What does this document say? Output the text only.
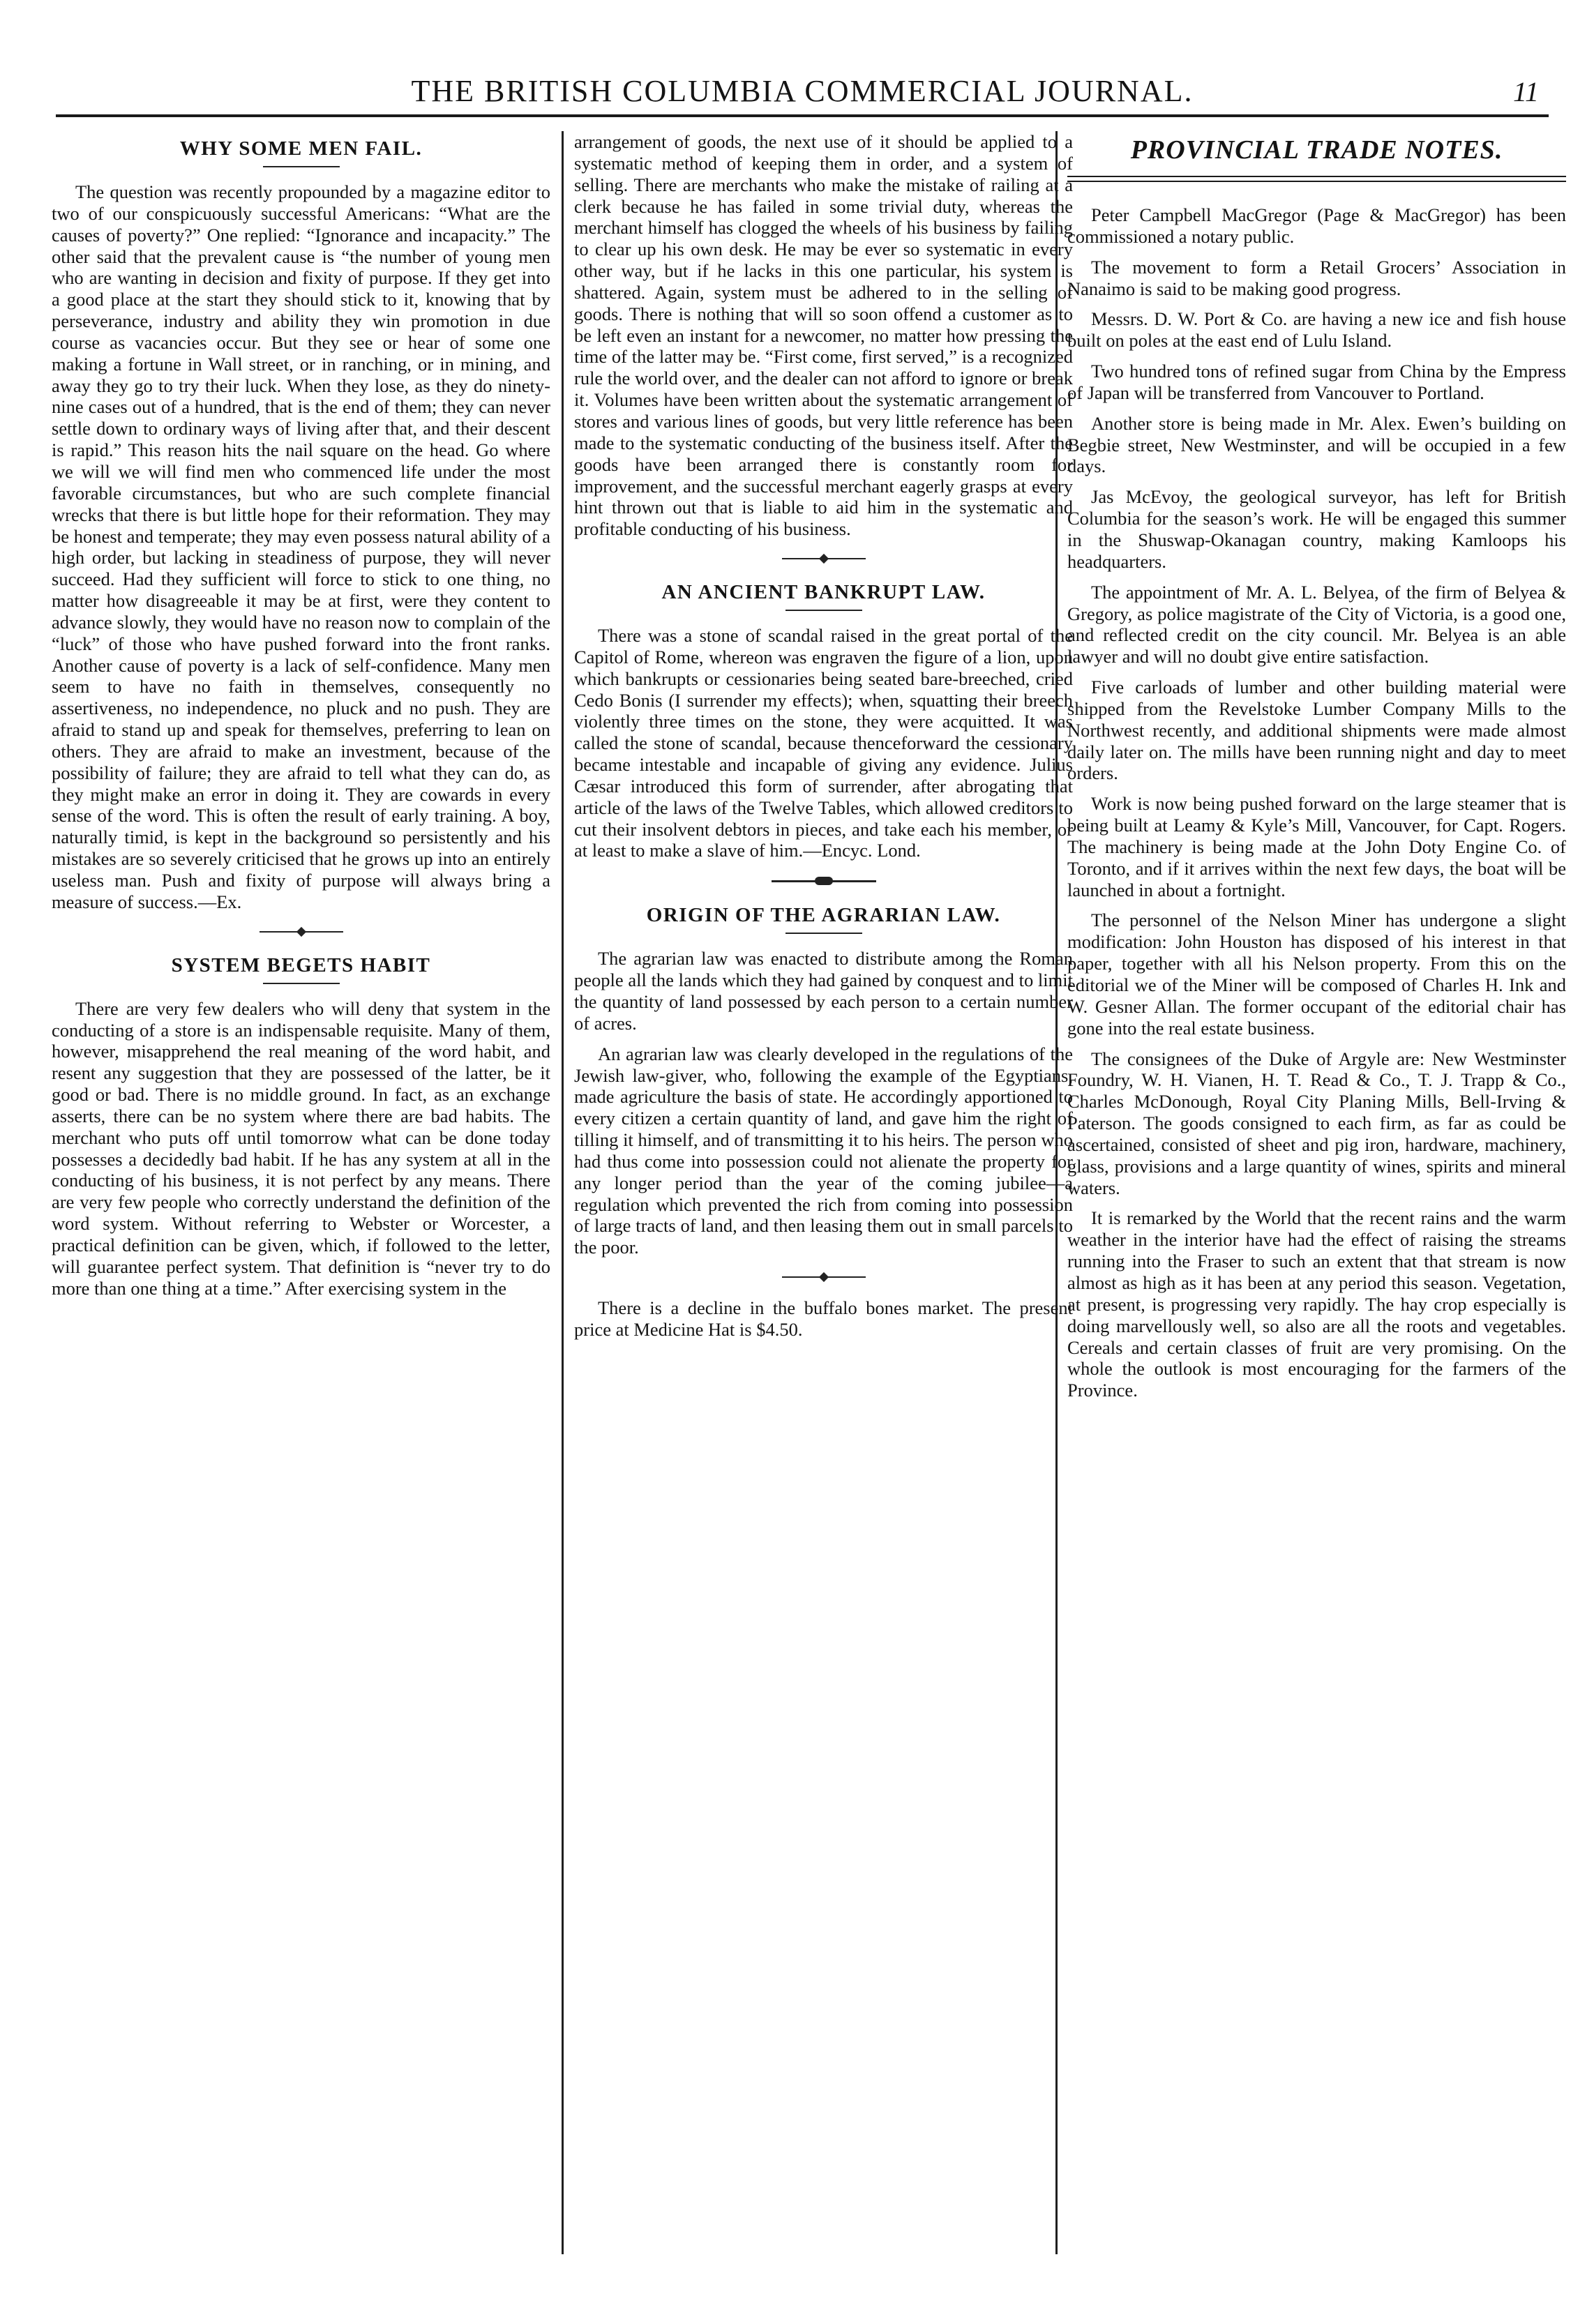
THE BRITISH COLUMBIA COMMERCIAL JOURNAL.	11
WHY SOME MEN FAIL.

The question was recently propounded by a magazine editor to two of our conspicuously successful Americans: “What are the causes of poverty?” One replied: “Ignorance and incapacity.” The other said that the prevalent cause is “the number of young men who are wanting in decision and fixity of purpose. If they get into a good place at the start they should stick to it, knowing that by perseverance, industry and ability they win promotion in due course as vacancies occur. But they see or hear of some one making a fortune in Wall street, or in ranching, or in mining, and away they go to try their luck. When they lose, as they do ninety-nine cases out of a hundred, that is the end of them; they can never settle down to ordinary ways of living after that, and their descent is rapid.” This reason hits the nail square on the head. Go where we will we will find men who commenced life under the most favorable circumstances, but who are such complete financial wrecks that there is but little hope for their reformation. They may be honest and temperate; they may even possess natural ability of a high order, but lacking in steadiness of purpose, they will never succeed. Had they sufficient will force to stick to one thing, no matter how disagreeable it may be at first, were they content to advance slowly, they would have no reason now to complain of the “luck” of those who have pushed forward into the front ranks. Another cause of poverty is a lack of self-confidence. Many men seem to have no faith in themselves, consequently no assertiveness, no independence, no pluck and no push. They are afraid to stand up and speak for themselves, preferring to lean on others. They are afraid to make an investment, because of the possibility of failure; they are afraid to tell what they can do, as they might make an error in doing it. They are cowards in every sense of the word. This is often the result of early training. A boy, naturally timid, is kept in the background so persistently and his mistakes are so severely criticised that he grows up into an entirely useless man. Push and fixity of purpose will always bring a measure of success.—Ex.

SYSTEM BEGETS HABIT

There are very few dealers who will deny that system in the conducting of a store is an indispensable requisite. Many of them, however, misapprehend the real meaning of the word habit, and resent any suggestion that they are possessed of the latter, be it good or bad. There is no middle ground. In fact, as an exchange asserts, there can be no system where there are bad habits. The merchant who puts off until tomorrow what can be done today possesses a decidedly bad habit. If he has any system at all in the conducting of his business, it is not perfect by any means. There are very few people who correctly understand the definition of the word system. Without referring to Webster or Worcester, a practical definition can be given, which, if followed to the letter, will guarantee perfect system. That definition is “never try to do more than one thing at a time.” After exercising system in the

arrangement of goods, the next use of it should be applied to a systematic method of keeping them in order, and a system of selling. There are merchants who make the mistake of railing at a clerk because he has failed in some trivial duty, whereas the merchant himself has clogged the wheels of his business by failing to clear up his own desk. He may be ever so systematic in every other way, but if he lacks in this one particular, his system is shattered. Again, system must be adhered to in the selling of goods. There is nothing that will so soon offend a customer as to be left even an instant for a newcomer, no matter how pressing the time of the latter may be. “First come, first served,” is a recognized rule the world over, and the dealer can not afford to ignore or break it. Volumes have been written about the systematic arrangement of stores and various lines of goods, but very little reference has been made to the systematic conducting of the business itself. After the goods have been arranged there is constantly room for improvement, and the successful merchant eagerly grasps at every hint thrown out that is liable to aid him in the systematic and profitable conducting of his business.

AN ANCIENT BANKRUPT LAW.

There was a stone of scandal raised in the great portal of the Capitol of Rome, whereon was engraven the figure of a lion, upon which bankrupts or cessionaries being seated bare-breeched, cried Cedo Bonis (I surrender my effects); when, squatting their breech violently three times on the stone, they were acquitted. It was called the stone of scandal, because thenceforward the cessionary became intestable and incapable of giving any evidence. Julius Cæsar introduced this form of surrender, after abrogating that article of the laws of the Twelve Tables, which allowed creditors to cut their insolvent debtors in pieces, and take each his member, or at least to make a slave of him.—Encyc. Lond.

ORIGIN OF THE AGRARIAN LAW.

The agrarian law was enacted to distribute among the Roman people all the lands which they had gained by conquest and to limit the quantity of land possessed by each person to a certain number of acres.

An agrarian law was clearly developed in the regulations of the Jewish law-giver, who, following the example of the Egyptians, made agriculture the basis of state. He accordingly apportioned to every citizen a certain quantity of land, and gave him the right of tilling it himself, and of transmitting it to his heirs. The person who had thus come into possession could not alienate the property for any longer period than the year of the coming jubilee—a regulation which prevented the rich from coming into possession of large tracts of land, and then leasing them out in small parcels to the poor.

There is a decline in the buffalo bones market. The present price at Medicine Hat is $4.50.

PROVINCIAL TRADE NOTES.

Peter Campbell MacGregor (Page & MacGregor) has been commissioned a notary public.

The movement to form a Retail Grocers’ Association in Nanaimo is said to be making good progress.

Messrs. D. W. Port & Co. are having a new ice and fish house built on poles at the east end of Lulu Island.

Two hundred tons of refined sugar from China by the Empress of Japan will be transferred from Vancouver to Portland.

Another store is being made in Mr. Alex. Ewen’s building on Begbie street, New Westminster, and will be occupied in a few days.

Jas McEvoy, the geological surveyor, has left for British Columbia for the season’s work. He will be engaged this summer in the Shuswap-Okanagan country, making Kamloops his headquarters.

The appointment of Mr. A. L. Belyea, of the firm of Belyea & Gregory, as police magistrate of the City of Victoria, is a good one, and reflected credit on the city council. Mr. Belyea is an able lawyer and will no doubt give entire satisfaction.

Five carloads of lumber and other building material were shipped from the Revelstoke Lumber Company Mills to the Northwest recently, and additional shipments were made almost daily later on. The mills have been running night and day to meet orders.

Work is now being pushed forward on the large steamer that is being built at Leamy & Kyle’s Mill, Vancouver, for Capt. Rogers. The machinery is being made at the John Doty Engine Co. of Toronto, and if it arrives within the next few days, the boat will be launched in about a fortnight.

The personnel of the Nelson Miner has undergone a slight modification: John Houston has disposed of his interest in that paper, together with all his Nelson property. From this on the editorial we of the Miner will be composed of Charles H. Ink and W. Gesner Allan. The former occupant of the editorial chair has gone into the real estate business.

The consignees of the Duke of Argyle are: New Westminster Foundry, W. H. Vianen, H. T. Read & Co., T. J. Trapp & Co., Charles McDonough, Royal City Planing Mills, Bell-Irving & Paterson. The goods consigned to each firm, as far as could be ascertained, consisted of sheet and pig iron, hardware, machinery, glass, provisions and a large quantity of wines, spirits and mineral waters.

It is remarked by the World that the recent rains and the warm weather in the interior have had the effect of raising the streams running into the Fraser to such an extent that that stream is now almost as high as it has been at any period this season. Vegetation, at present, is progressing very rapidly. The hay crop especially is doing marvellously well, so also are all the roots and vegetables. Cereals and certain classes of fruit are very promising. On the whole the outlook is most encouraging for the farmers of the Province.
